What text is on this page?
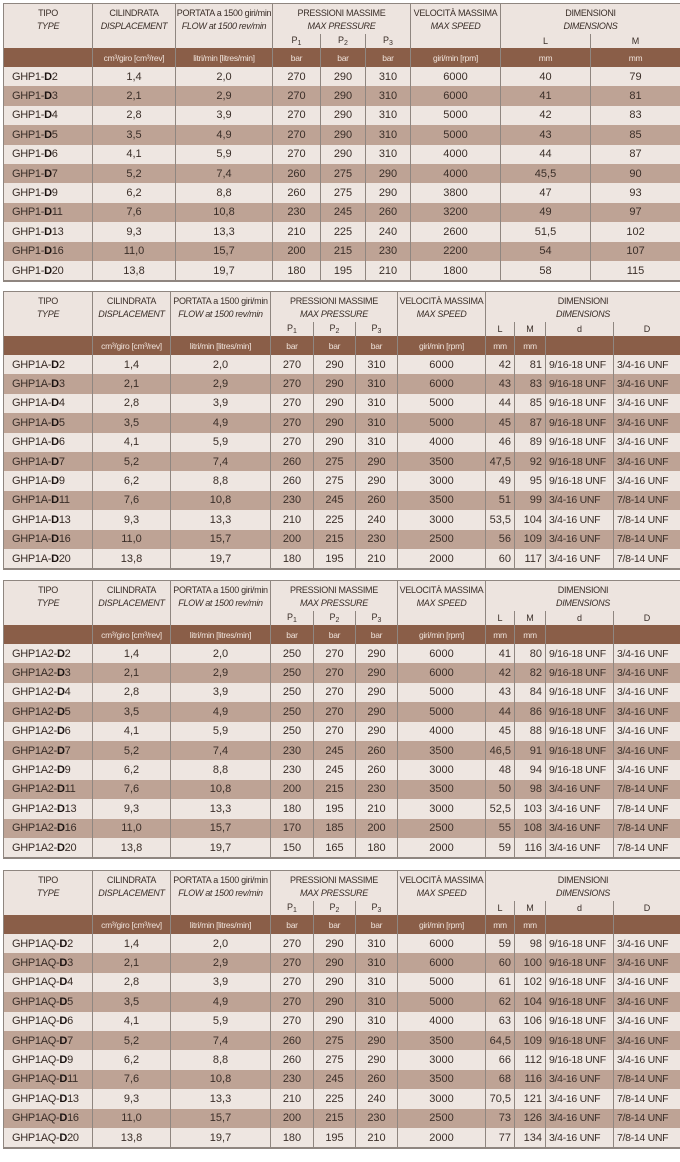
TIPO	CILINDRATA	PORTATA a 1500 giri/min	PRESSIONI MASSIME			VELOCITÀ MASSIMA	DIMENSIONI	
TYPE	DISPLACEMENT	FLOW at 1500 rev/min	MAX PRESSURE			MAX SPEED	DIMENSIONS	
			$P_1$	$P_2$	$P_3$		L	M
	cm³/giro [cm³/rev]	litri/min [litres/min]	bar	bar	bar	giri/min [rpm]	mm	mm
GHP1-D2	1,4	2,0	270	290	310	6000	40	79
GHP1-D3	2,1	2,9	270	290	310	6000	41	81
GHP1-D4	2,8	3,9	270	290	310	5000	42	83
GHP1-D5	3,5	4,9	270	290	310	5000	43	85
GHP1-D6	4,1	5,9	270	290	310	4000	44	87
GHP1-D7	5,2	7,4	260	275	290	4000	45,5	90
GHP1-D9	6,2	8,8	260	275	290	3800	47	93
GHP1-D11	7,6	10,8	230	245	260	3200	49	97
GHP1-D13	9,3	13,3	210	225	240	2600	51,5	102
GHP1-D16	11,0	15,7	200	215	230	2200	54	107
GHP1-D20	13,8	19,7	180	195	210	1800	58	115
TIPO	CILINDRATA	PORTATA a 1500 giri/min	PRESSIONI MASSIME			VELOCITÀ MASSIMA	DIMENSIONI			
TYPE	DISPLACEMENT	FLOW at 1500 rev/min	MAX PRESSURE			MAX SPEED	DIMENSIONS			
			$P_1$	$P_2$	$P_3$		L	M	d	D
	cm³/giro [cm³/rev]	litri/min [litres/min]	bar	bar	bar	giri/min [rpm]	mm	mm		
GHP1A-D2	1,4	2,0	270	290	310	6000	42	81	9/16-18 UNF	3/4-16 UNF
GHP1A-D3	2,1	2,9	270	290	310	6000	43	83	9/16-18 UNF	3/4-16 UNF
GHP1A-D4	2,8	3,9	270	290	310	5000	44	85	9/16-18 UNF	3/4-16 UNF
GHP1A-D5	3,5	4,9	270	290	310	5000	45	87	9/16-18 UNF	3/4-16 UNF
GHP1A-D6	4,1	5,9	270	290	310	4000	46	89	9/16-18 UNF	3/4-16 UNF
GHP1A-D7	5,2	7,4	260	275	290	3500	47,5	92	9/16-18 UNF	3/4-16 UNF
GHP1A-D9	6,2	8,8	260	275	290	3000	49	95	9/16-18 UNF	3/4-16 UNF
GHP1A-D11	7,6	10,8	230	245	260	3500	51	99	3/4-16 UNF	7/8-14 UNF
GHP1A-D13	9,3	13,3	210	225	240	3000	53,5	104	3/4-16 UNF	7/8-14 UNF
GHP1A-D16	11,0	15,7	200	215	230	2500	56	109	3/4-16 UNF	7/8-14 UNF
GHP1A-D20	13,8	19,7	180	195	210	2000	60	117	3/4-16 UNF	7/8-14 UNF
TIPO	CILINDRATA	PORTATA a 1500 giri/min	PRESSIONI MASSIME			VELOCITÀ MASSIMA	DIMENSIONI			
TYPE	DISPLACEMENT	FLOW at 1500 rev/min	MAX PRESSURE			MAX SPEED	DIMENSIONS			
			$P_1$	$P_2$	$P_3$		L	M	d	D
	cm³/giro [cm³/rev]	litri/min [litres/min]	bar	bar	bar	giri/min [rpm]	mm	mm		
GHP1A2-D2	1,4	2,0	250	270	290	6000	41	80	9/16-18 UNF	3/4-16 UNF
GHP1A2-D3	2,1	2,9	250	270	290	6000	42	82	9/16-18 UNF	3/4-16 UNF
GHP1A2-D4	2,8	3,9	250	270	290	5000	43	84	9/16-18 UNF	3/4-16 UNF
GHP1A2-D5	3,5	4,9	250	270	290	5000	44	86	9/16-18 UNF	3/4-16 UNF
GHP1A2-D6	4,1	5,9	250	270	290	4000	45	88	9/16-18 UNF	3/4-16 UNF
GHP1A2-D7	5,2	7,4	230	245	260	3500	46,5	91	9/16-18 UNF	3/4-16 UNF
GHP1A2-D9	6,2	8,8	230	245	260	3000	48	94	9/16-18 UNF	3/4-16 UNF
GHP1A2-D11	7,6	10,8	200	215	230	3500	50	98	3/4-16 UNF	7/8-14 UNF
GHP1A2-D13	9,3	13,3	180	195	210	3000	52,5	103	3/4-16 UNF	7/8-14 UNF
GHP1A2-D16	11,0	15,7	170	185	200	2500	55	108	3/4-16 UNF	7/8-14 UNF
GHP1A2-D20	13,8	19,7	150	165	180	2000	59	116	3/4-16 UNF	7/8-14 UNF
TIPO	CILINDRATA	PORTATA a 1500 giri/min	PRESSIONI MASSIME			VELOCITÀ MASSIMA	DIMENSIONI			
TYPE	DISPLACEMENT	FLOW at 1500 rev/min	MAX PRESSURE			MAX SPEED	DIMENSIONS			
			$P_1$	$P_2$	$P_3$		L	M	d	D
	cm³/giro [cm³/rev]	litri/min [litres/min]	bar	bar	bar	giri/min [rpm]	mm	mm		
GHP1AQ-D2	1,4	2,0	270	290	310	6000	59	98	9/16-18 UNF	3/4-16 UNF
GHP1AQ-D3	2,1	2,9	270	290	310	6000	60	100	9/16-18 UNF	3/4-16 UNF
GHP1AQ-D4	2,8	3,9	270	290	310	5000	61	102	9/16-18 UNF	3/4-16 UNF
GHP1AQ-D5	3,5	4,9	270	290	310	5000	62	104	9/16-18 UNF	3/4-16 UNF
GHP1AQ-D6	4,1	5,9	270	290	310	4000	63	106	9/16-18 UNF	3/4-16 UNF
GHP1AQ-D7	5,2	7,4	260	275	290	3500	64,5	109	9/16-18 UNF	3/4-16 UNF
GHP1AQ-D9	6,2	8,8	260	275	290	3000	66	112	9/16-18 UNF	3/4-16 UNF
GHP1AQ-D11	7,6	10,8	230	245	260	3500	68	116	3/4-16 UNF	7/8-14 UNF
GHP1AQ-D13	9,3	13,3	210	225	240	3000	70,5	121	3/4-16 UNF	7/8-14 UNF
GHP1AQ-D16	11,0	15,7	200	215	230	2500	73	126	3/4-16 UNF	7/8-14 UNF
GHP1AQ-D20	13,8	19,7	180	195	210	2000	77	134	3/4-16 UNF	7/8-14 UNF
